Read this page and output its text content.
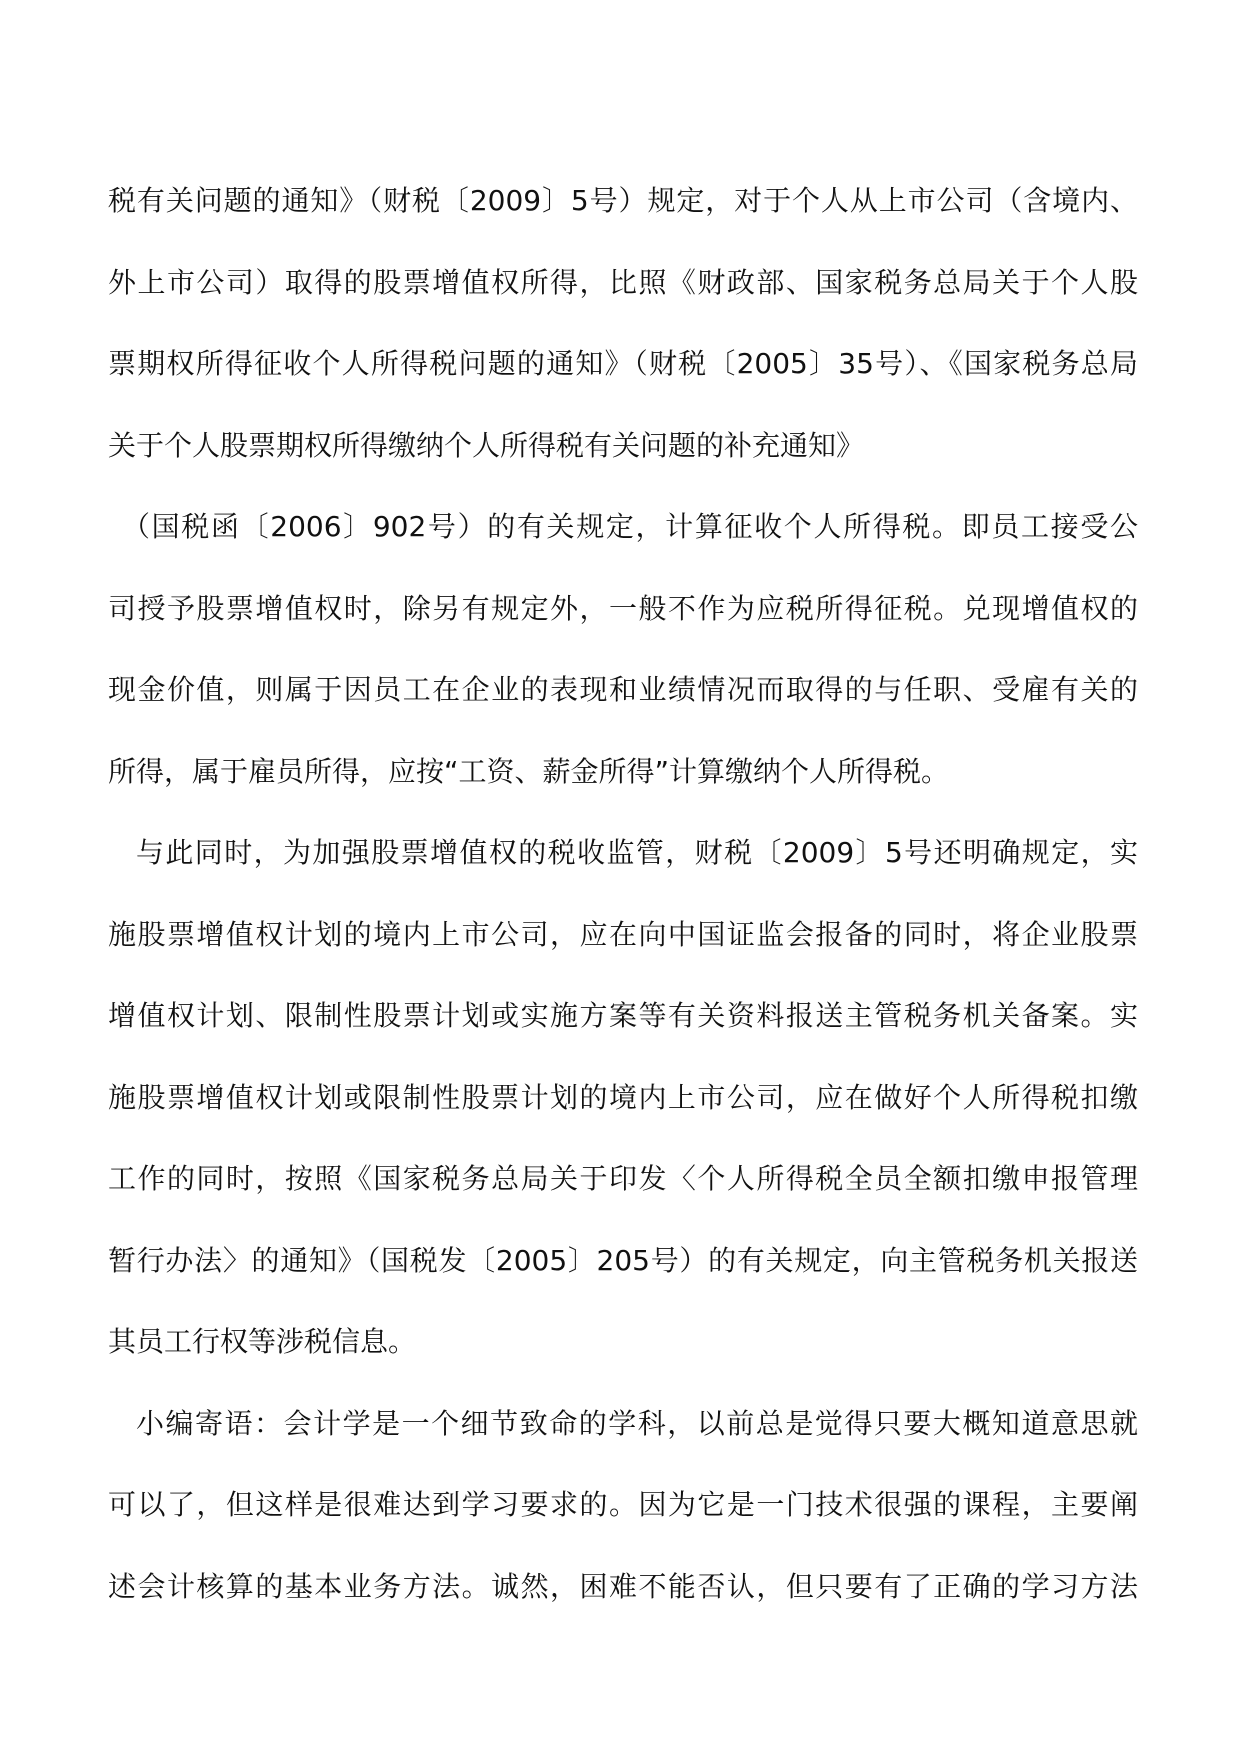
税有关问题的通知》（财税〔2009〕5号）规定，对于个人从上市公司（含境内、
外上市公司）取得的股票增值权所得，比照《财政部、国家税务总局关于个人股
票期权所得征收个人所得税问题的通知》（财税〔2005〕35号）、《国家税务总局
关于个人股票期权所得缴纳个人所得税有关问题的补充通知》
（国税函〔2006〕902号）的有关规定，计算征收个人所得税。即员工接受公
司授予股票增值权时，除另有规定外，一般不作为应税所得征税。兑现增值权的
现金价值，则属于因员工在企业的表现和业绩情况而取得的与任职、受雇有关的
所得，属于雇员所得，应按“工资、薪金所得”计算缴纳个人所得税。
与此同时，为加强股票增值权的税收监管，财税〔2009〕5号还明确规定，实
施股票增值权计划的境内上市公司，应在向中国证监会报备的同时，将企业股票
增值权计划、限制性股票计划或实施方案等有关资料报送主管税务机关备案。实
施股票增值权计划或限制性股票计划的境内上市公司，应在做好个人所得税扣缴
工作的同时，按照《国家税务总局关于印发〈个人所得税全员全额扣缴申报管理
暂行办法〉的通知》（国税发〔2005〕205号）的有关规定，向主管税务机关报送
其员工行权等涉税信息。
小编寄语：会计学是一个细节致命的学科，以前总是觉得只要大概知道意思就
可以了，但这样是很难达到学习要求的。因为它是一门技术很强的课程，主要阐
述会计核算的基本业务方法。诚然，困难不能否认，但只要有了正确的学习方法
